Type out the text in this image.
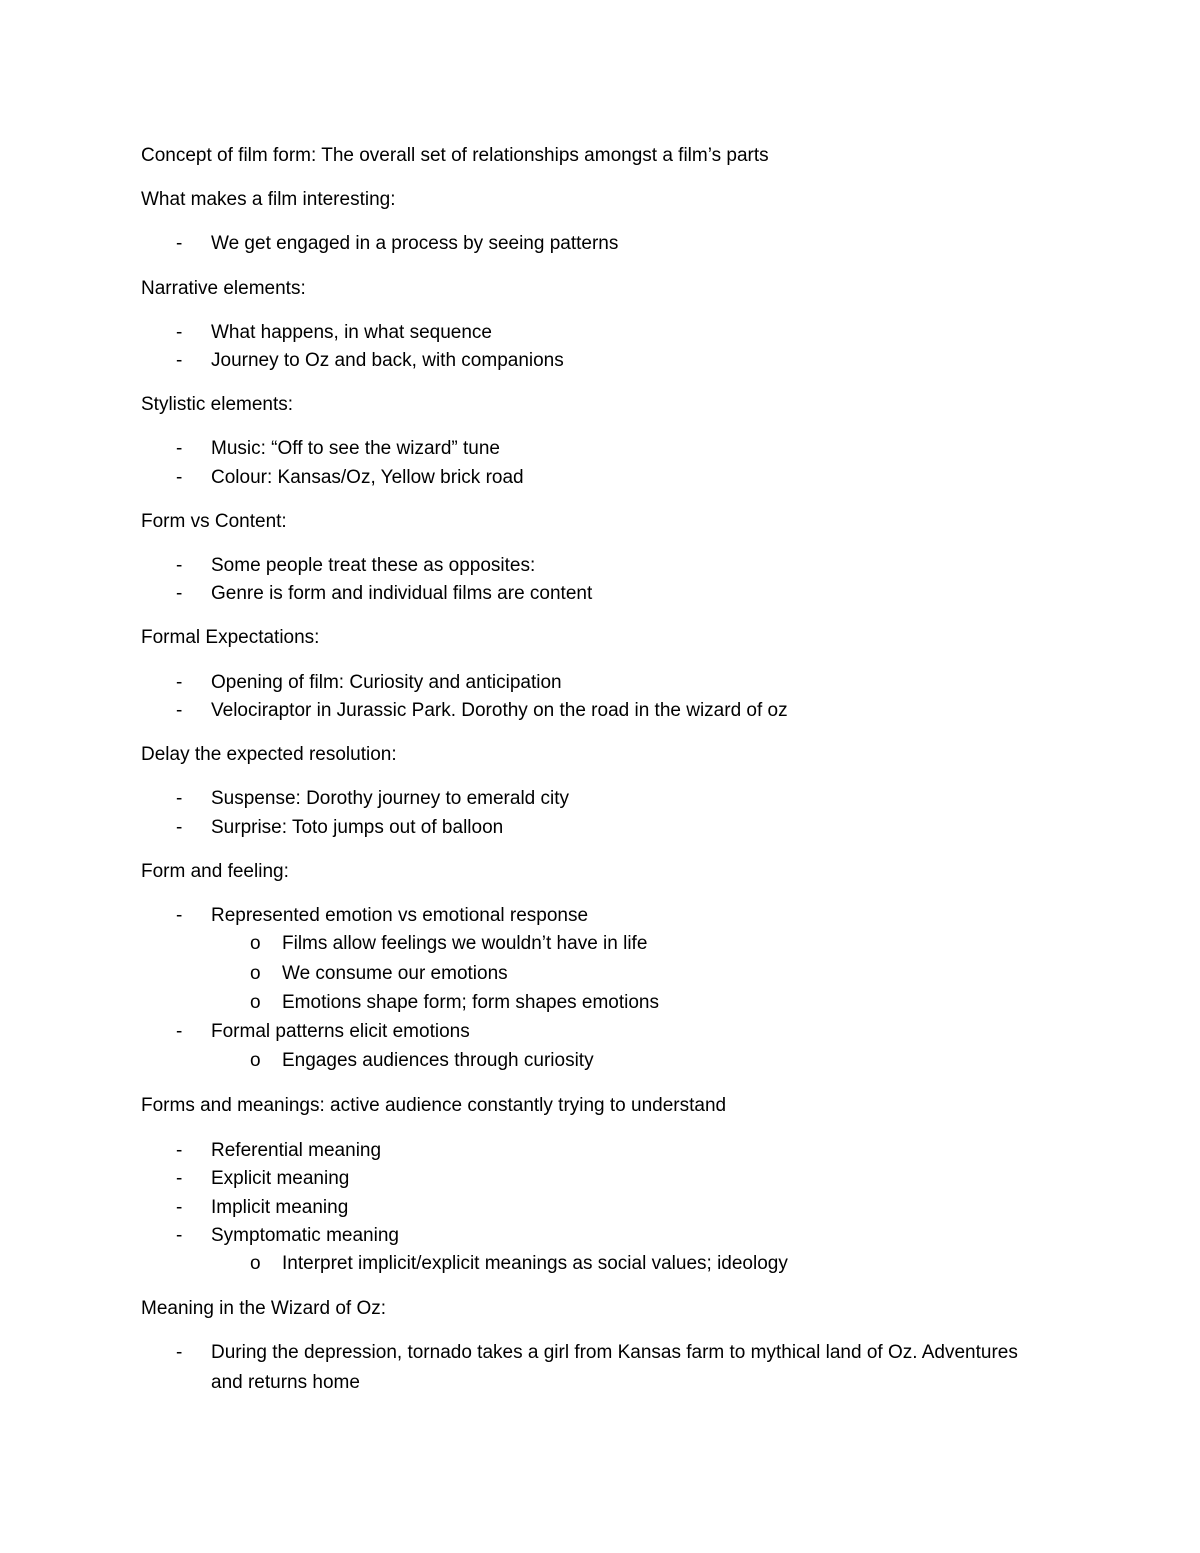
Concept of film form: The overall set of relationships amongst a film’s parts
What makes a film interesting:
- We get engaged in a process by seeing patterns
Narrative elements:
- What happens, in what sequence
- Journey to Oz and back, with companions
Stylistic elements:
- Music: “Off to see the wizard” tune
- Colour: Kansas/Oz, Yellow brick road
Form vs Content:
- Some people treat these as opposites:
- Genre is form and individual films are content
Formal Expectations:
- Opening of film: Curiosity and anticipation
- Velociraptor in Jurassic Park. Dorothy on the road in the wizard of oz
Delay the expected resolution:
- Suspense: Dorothy journey to emerald city
- Surprise: Toto jumps out of balloon
Form and feeling:
- Represented emotion vs emotional response
o Films allow feelings we wouldn’t have in life
o We consume our emotions
o Emotions shape form; form shapes emotions
- Formal patterns elicit emotions
o Engages audiences through curiosity
Forms and meanings: active audience constantly trying to understand
- Referential meaning
- Explicit meaning
- Implicit meaning
- Symptomatic meaning
o Interpret implicit/explicit meanings as social values; ideology
Meaning in the Wizard of Oz:
- During the depression, tornado takes a girl from Kansas farm to mythical land of Oz. Adventures
and returns home
